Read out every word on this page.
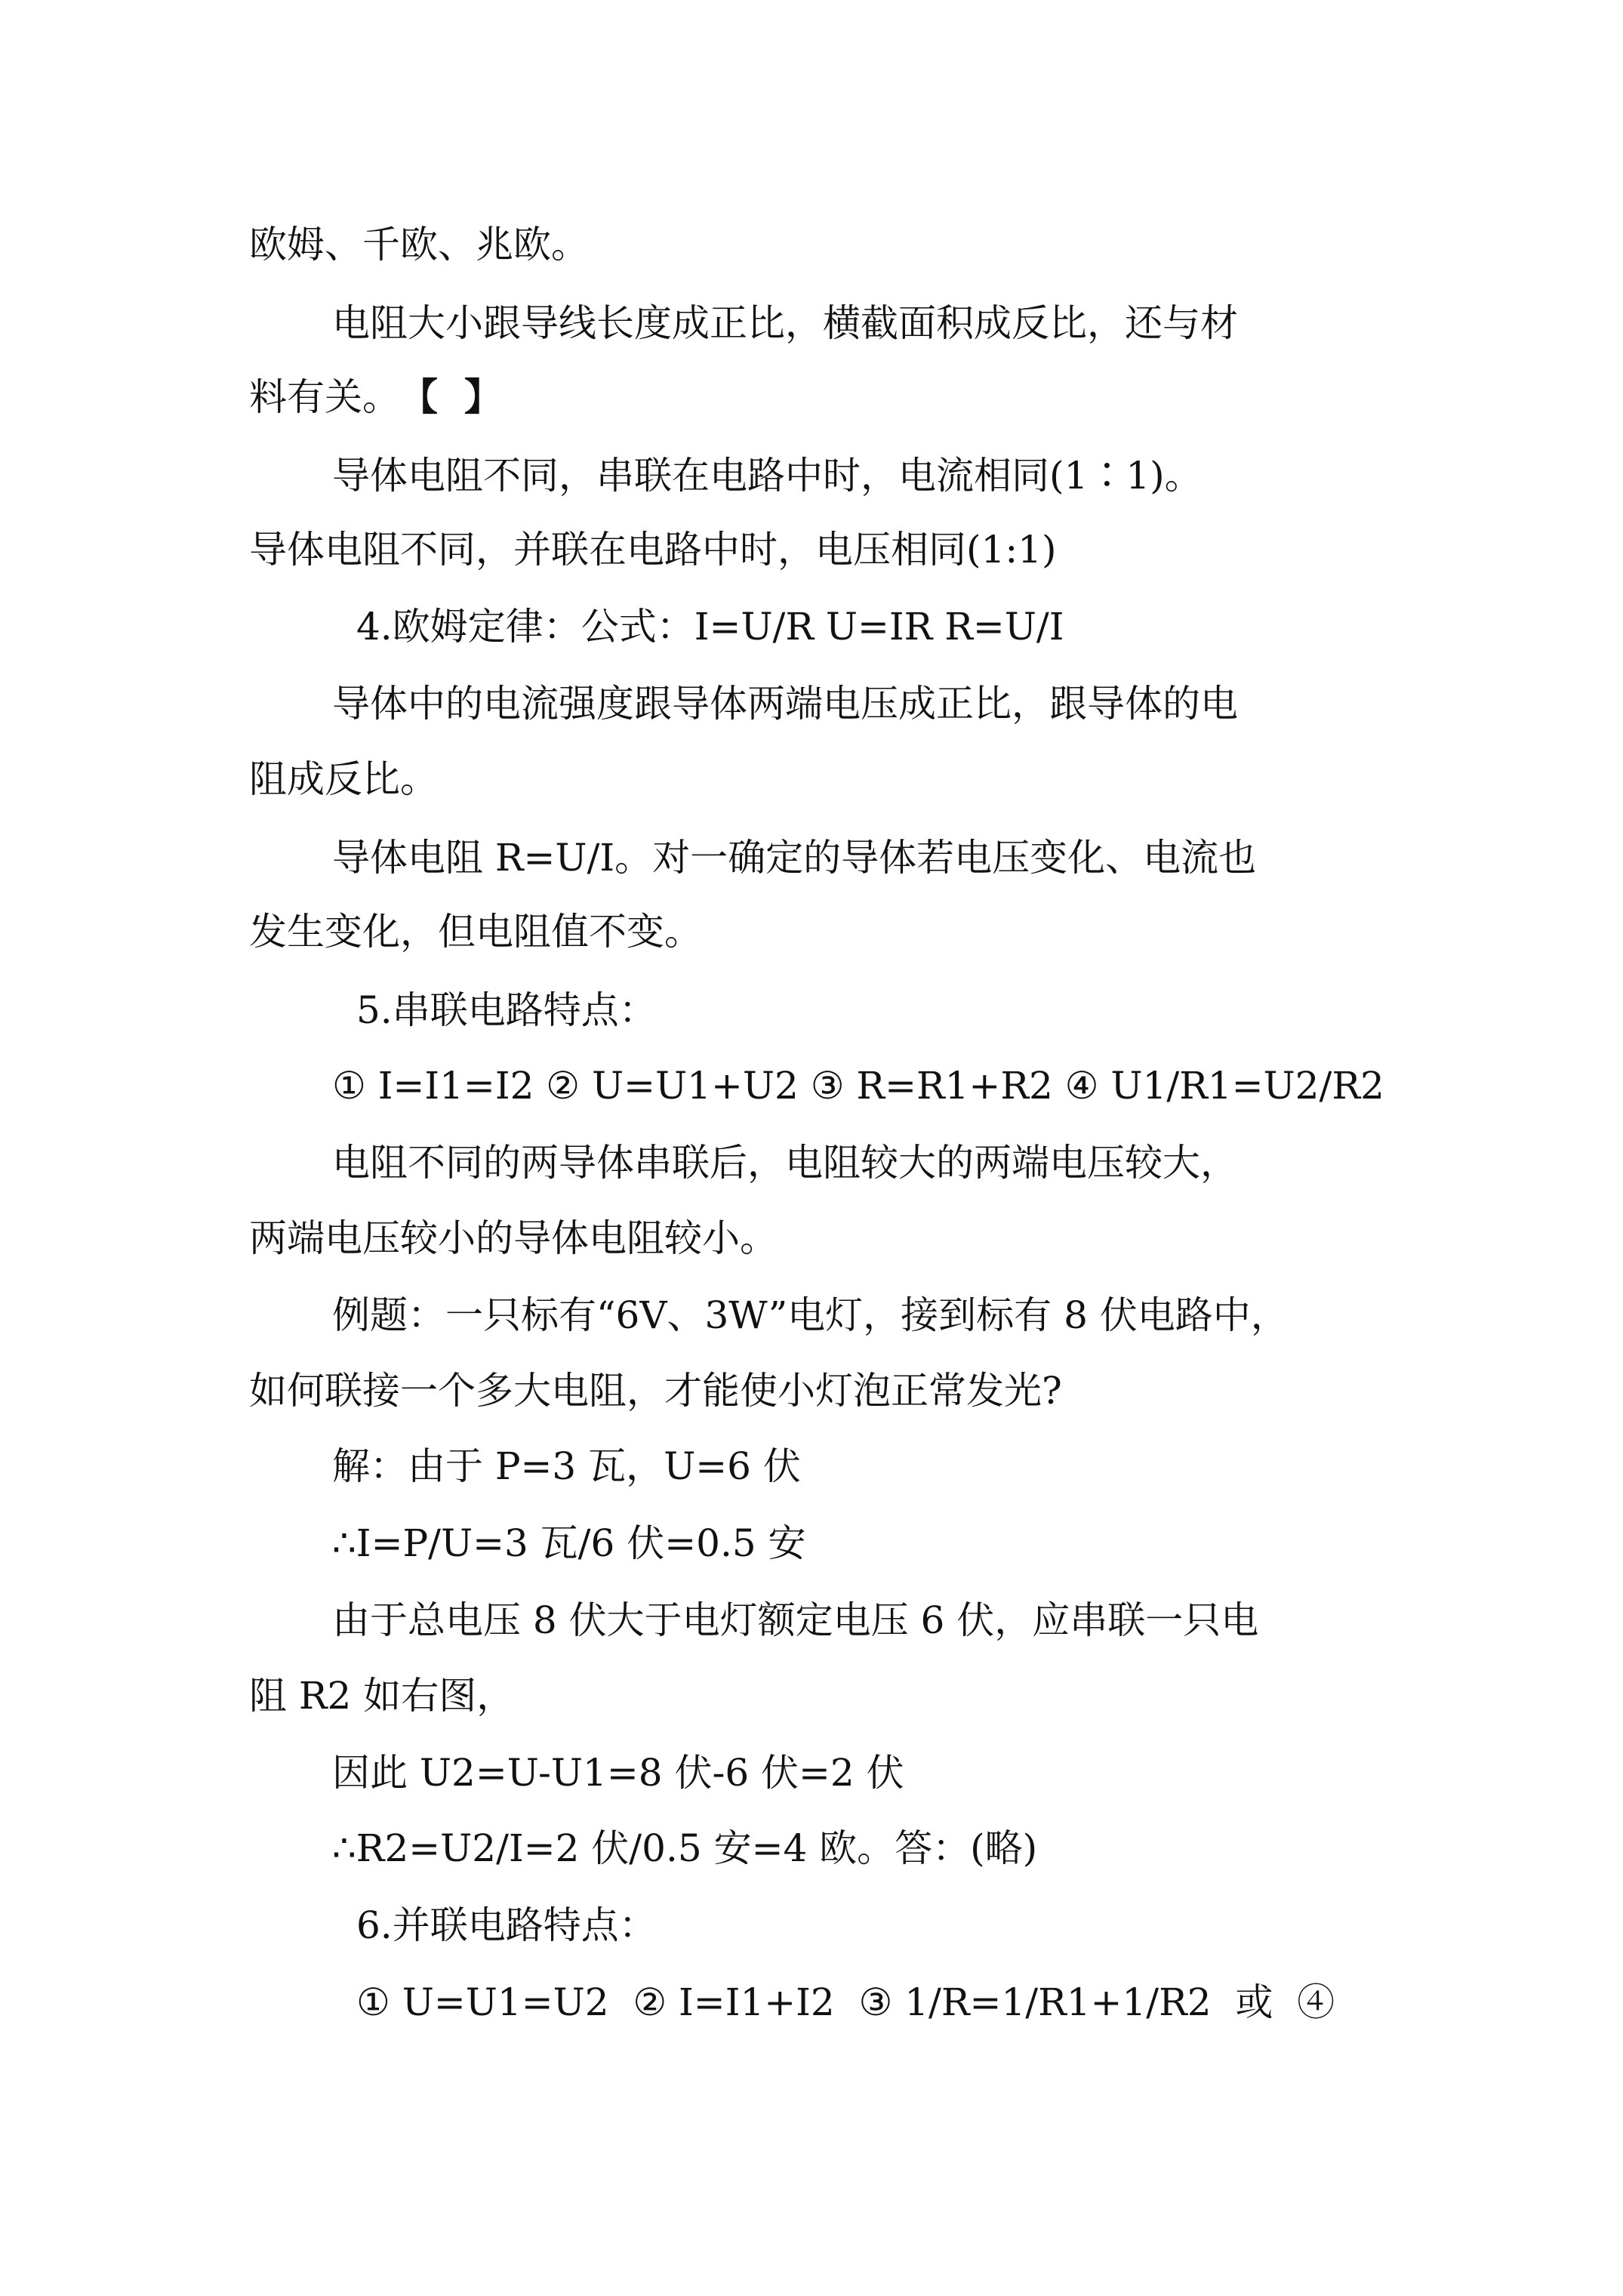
欧姆、千欧、兆欧。
电阻大小跟导线长度成正比，横截面积成反比，还与材
料有关。 【  】
导体电阻不同，串联在电路中时，电流相同(1∶1)。
导体电阻不同，并联在电路中时，电压相同(1:1)
4.欧姆定律：公式：I=U/R U=IR R=U/I
导体中的电流强度跟导体两端电压成正比，跟导体的电
阻成反比。
导体电阻 R=U/I。对一确定的导体若电压变化、电流也
发生变化，但电阻值不变。
5.串联电路特点：
① I=I1=I2 ② U=U1+U2 ③ R=R1+R2 ④ U1/R1=U2/R2
电阻不同的两导体串联后，电阻较大的两端电压较大，
两端电压较小的导体电阻较小。
例题：一只标有“6V、3W”电灯，接到标有 8 伏电路中，
如何联接一个多大电阻，才能使小灯泡正常发光?
解：由于 P=3 瓦，U=6 伏
∴I=P/U=3 瓦/6 伏=0.5 安
由于总电压 8 伏大于电灯额定电压 6 伏，应串联一只电
阻 R2 如右图，
因此 U2=U-U1=8 伏-6 伏=2 伏
∴R2=U2/I=2 伏/0.5 安=4 欧。答：(略)
6.并联电路特点：
① U=U1=U2  ② I=I1+I2  ③ 1/R=1/R1+1/R2  或  ④
